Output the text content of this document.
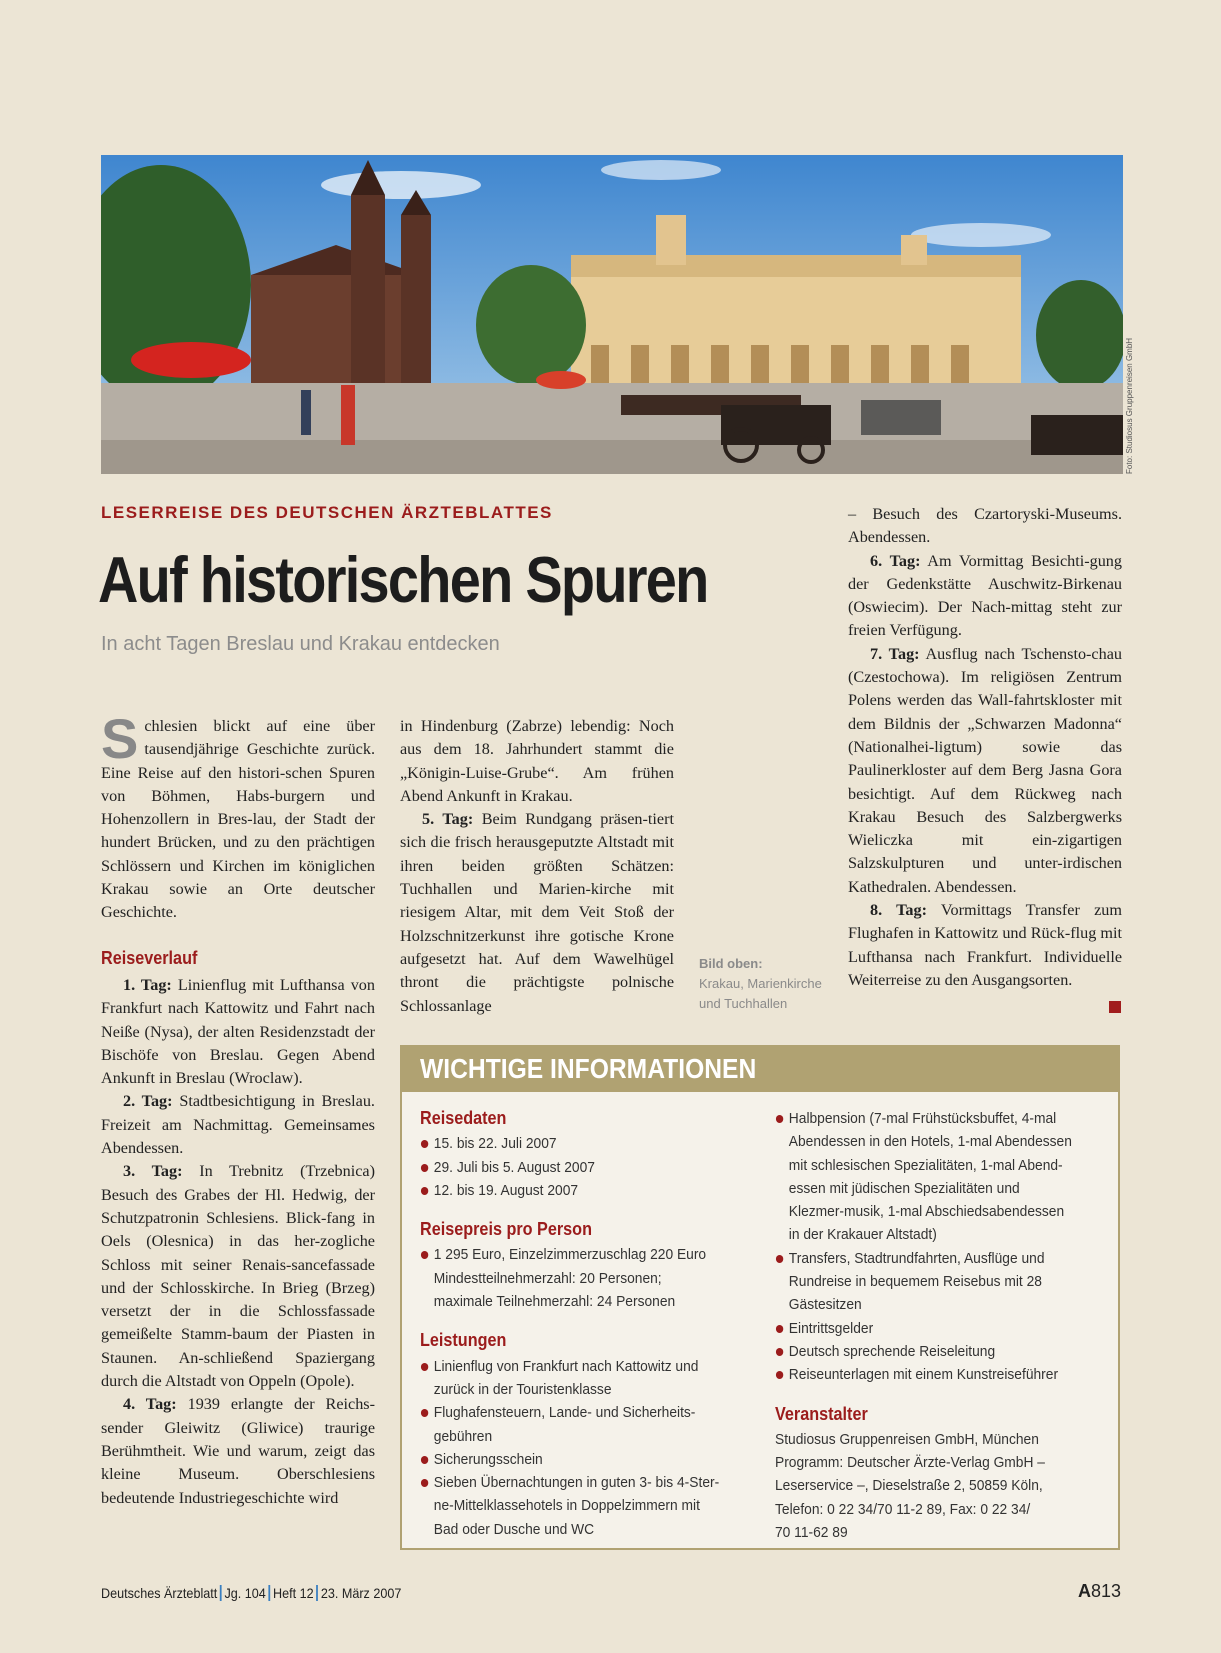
Foto: Studiosus Gruppenreisen GmbH
LESERREISE DES DEUTSCHEN ÄRZTEBLATTES
Auf historischen Spuren
In acht Tagen Breslau und Krakau entdecken

Schlesien blickt auf eine über tausendjährige Geschichte zurück. Eine Reise auf den histori-schen Spuren von Böhmen, Habs-burgern und Hohenzollern in Bres-lau, der Stadt der hundert Brücken, und zu den prächtigen Schlössern und Kirchen im königlichen Krakau sowie an Orte deutscher Geschichte.

Reiseverlauf

1. Tag: Linienflug mit Lufthansa von Frankfurt nach Kattowitz und Fahrt nach Neiße (Nysa), der alten Residenzstadt der Bischöfe von Breslau. Gegen Abend Ankunft in Breslau (Wroclaw).

2. Tag: Stadtbesichtigung in Breslau. Freizeit am Nachmittag. Gemeinsames Abendessen.

3. Tag: In Trebnitz (Trzebnica) Besuch des Grabes der Hl. Hedwig, der Schutzpatronin Schlesiens. Blick-fang in Oels (Olesnica) in das her-zogliche Schloss mit seiner Renais-sancefassade und der Schlosskirche. In Brieg (Brzeg) versetzt der in die Schlossfassade gemeißelte Stamm-baum der Piasten in Staunen. An-schließend Spaziergang durch die Altstadt von Oppeln (Opole).

4. Tag: 1939 erlangte der Reichs-sender Gleiwitz (Gliwice) traurige Berühmtheit. Wie und warum, zeigt das kleine Museum. Oberschlesiens bedeutende Industriegeschichte wird

in Hindenburg (Zabrze) lebendig: Noch aus dem 18. Jahrhundert stammt die „Königin-Luise-Grube“. Am frühen Abend Ankunft in Krakau.

5. Tag: Beim Rundgang präsen-tiert sich die frisch herausgeputzte Altstadt mit ihren beiden größten Schätzen: Tuchhallen und Marien-kirche mit riesigem Altar, mit dem Veit Stoß der Holzschnitzerkunst ihre gotische Krone aufgesetzt hat. Auf dem Wawelhügel thront die prächtigste polnische Schlossanlage

Bild oben:
Krakau, Marienkirche und Tuchhallen

– Besuch des Czartoryski-Museums. Abendessen.

6. Tag: Am Vormittag Besichti-gung der Gedenkstätte Auschwitz-Birkenau (Oswiecim). Der Nach-mittag steht zur freien Verfügung.

7. Tag: Ausflug nach Tschensto-chau (Czestochowa). Im religiösen Zentrum Polens werden das Wall-fahrtskloster mit dem Bildnis der „Schwarzen Madonna“ (Nationalhei-ligtum) sowie das Paulinerkloster auf dem Berg Jasna Gora besichtigt. Auf dem Rückweg nach Krakau Besuch des Salzbergwerks Wieliczka mit ein-zigartigen Salzskulpturen und unter-irdischen Kathedralen. Abendessen.

8. Tag: Vormittags Transfer zum Flughafen in Kattowitz und Rück-flug mit Lufthansa nach Frankfurt. Individuelle Weiterreise zu den Ausgangsorten.

WICHTIGE INFORMATIONEN
Reisedaten
15. bis 22. Juli 2007
29. Juli bis 5. August 2007
12. bis 19. August 2007
Reisepreis pro Person
1 295 Euro, Einzelzimmerzuschlag 220 Euro Mindestteilnehmerzahl: 20 Personen; maximale Teilnehmerzahl: 24 Personen
Leistungen
Linienflug von Frankfurt nach Kattowitz und zurück in der Touristenklasse
Flughafensteuern, Lande- und Sicherheits-gebühren
Sicherungsschein
Sieben Übernachtungen in guten 3- bis 4-Ster-ne-Mittelklassehotels in Doppelzimmern mit Bad oder Dusche und WC
Halbpension (7-mal Frühstücksbuffet, 4-mal Abendessen in den Hotels, 1-mal Abendessen mit schlesischen Spezialitäten, 1-mal Abend-essen mit jüdischen Spezialitäten und Klezmer-musik, 1-mal Abschiedsabendessen in der Krakauer Altstadt)
Transfers, Stadtrundfahrten, Ausflüge und Rundreise in bequemem Reisebus mit 28 Gästesitzen
Eintrittsgelder
Deutsch sprechende Reiseleitung
Reiseunterlagen mit einem Kunstreiseführer
Veranstalter
Studiosus Gruppenreisen GmbH, München
Programm: Deutscher Ärzte-Verlag GmbH –
Leserservice –, Dieselstraße 2, 50859 Köln,
Telefon: 0 22 34/70 11-2 89, Fax: 0 22 34/
70 11-62 89
Deutsches Ärzteblatt Jg. 104 Heft 12 23. März 2007	A813
